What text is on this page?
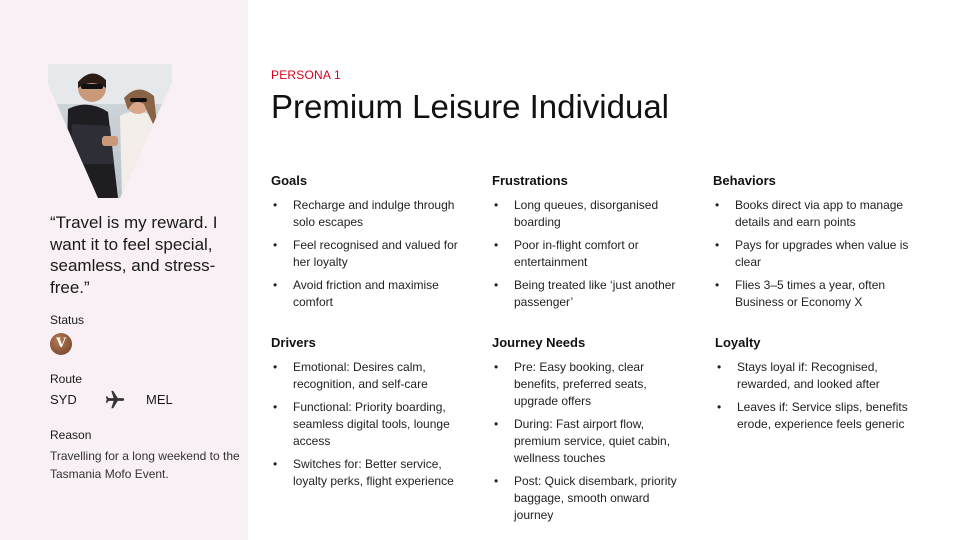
“Travel is my reward. I want it to feel special, seamless, and stress-free.”
Status
V
Route
SYD	MEL
Reason
Travelling for a long weekend to the Tasmania Mofo Event.
PERSONA 1
Premium Leisure Individual
Goals
• Recharge and indulge through solo escapes
• Feel recognised and valued for her loyalty
• Avoid friction and maximise comfort
Frustrations
• Long queues, disorganised boarding
• Poor in-flight comfort or entertainment
• Being treated like ‘just another passenger’
Behaviors
• Books direct via app to manage details and earn points
• Pays for upgrades when value is clear
• Flies 3–5 times a year, often Business or Economy X
Drivers
• Emotional: Desires calm, recognition, and self-care
• Functional: Priority boarding, seamless digital tools, lounge access
• Switches for: Better service, loyalty perks, flight experience
Journey Needs
• Pre: Easy booking, clear benefits, preferred seats, upgrade offers
• During: Fast airport flow, premium service, quiet cabin, wellness touches
• Post: Quick disembark, priority baggage, smooth onward journey
Loyalty
• Stays loyal if: Recognised, rewarded, and looked after
• Leaves if: Service slips, benefits erode, experience feels generic
